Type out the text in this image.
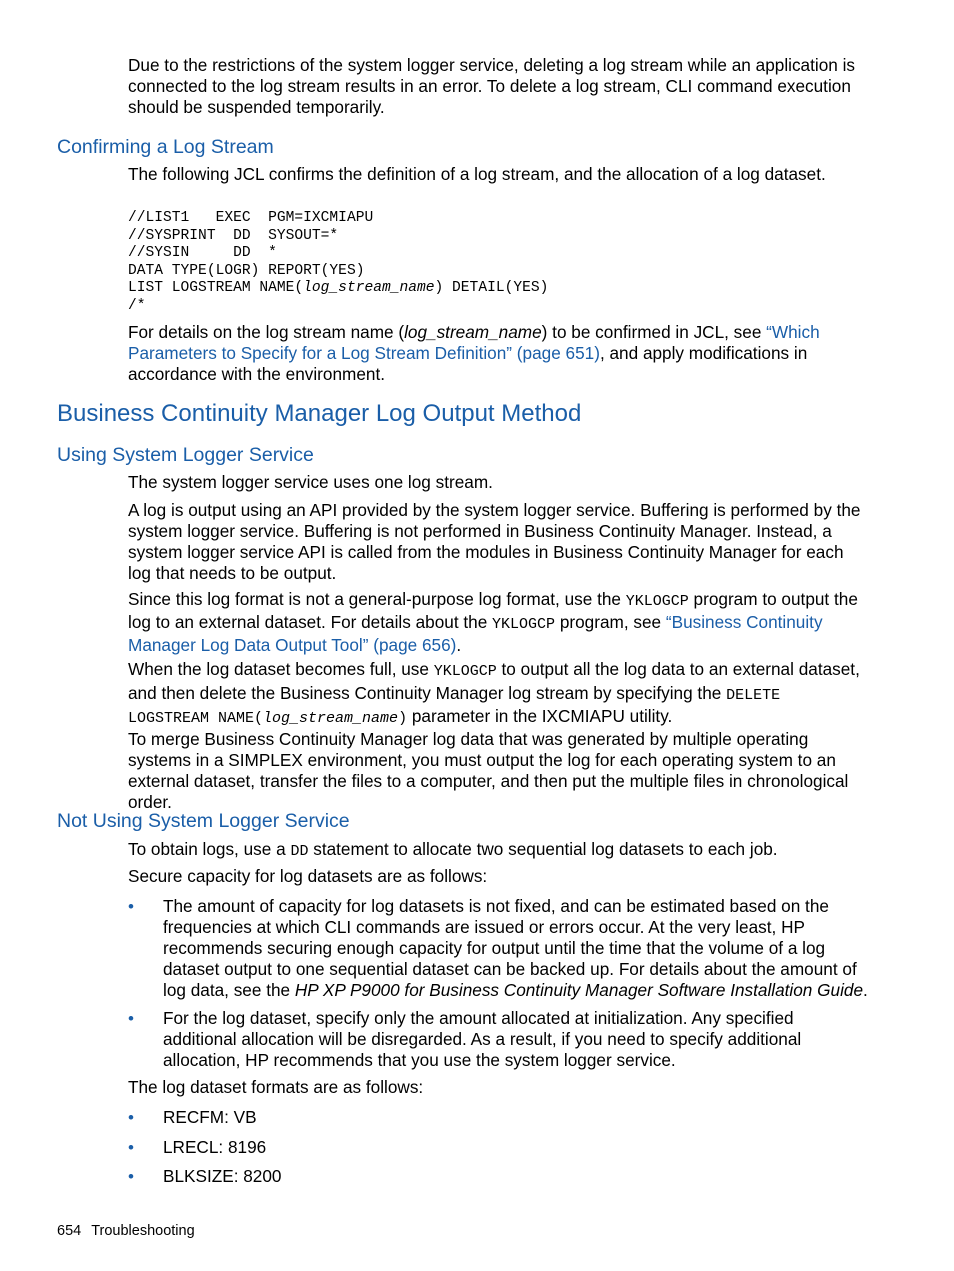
Due to the restrictions of the system logger service, deleting a log stream while an application is connected to the log stream results in an error. To delete a log stream, CLI command execution should be suspended temporarily.

Confirming a Log Stream

The following JCL confirms the definition of a log stream, and the allocation of a log dataset.

//LIST1   EXEC  PGM=IXCMIAPU
//SYSPRINT  DD  SYSOUT=*
//SYSIN     DD  *
DATA TYPE(LOGR) REPORT(YES)
LIST LOGSTREAM NAME(log_stream_name) DETAIL(YES)
/*

For details on the log stream name (log_stream_name) to be confirmed in JCL, see “Which Parameters to Specify for a Log Stream Definition” (page 651), and apply modifications in accordance with the environment.

Business Continuity Manager Log Output Method
Using System Logger Service

The system logger service uses one log stream.

A log is output using an API provided by the system logger service. Buffering is performed by the system logger service. Buffering is not performed in Business Continuity Manager. Instead, a system logger service API is called from the modules in Business Continuity Manager for each log that needs to be output.

Since this log format is not a general-purpose log format, use the YKLOGCP program to output the log to an external dataset. For details about the YKLOGCP program, see “Business Continuity Manager Log Data Output Tool” (page 656).

When the log dataset becomes full, use YKLOGCP to output all the log data to an external dataset, and then delete the Business Continuity Manager log stream by specifying the DELETE LOGSTREAM NAME(log_stream_name) parameter in the IXCMIAPU utility.

To merge Business Continuity Manager log data that was generated by multiple operating systems in a SIMPLEX environment, you must output the log for each operating system to an external dataset, transfer the files to a computer, and then put the multiple files in chronological order.

Not Using System Logger Service

To obtain logs, use a DD statement to allocate two sequential log datasets to each job.

Secure capacity for log datasets are as follows:

• The amount of capacity for log datasets is not fixed, and can be estimated based on the frequencies at which CLI commands are issued or errors occur. At the very least, HP recommends securing enough capacity for output until the time that the volume of a log dataset output to one sequential dataset can be backed up. For details about the amount of log data, see the HP XP P9000 for Business Continuity Manager Software Installation Guide.

• For the log dataset, specify only the amount allocated at initialization. Any specified additional allocation will be disregarded. As a result, if you need to specify additional allocation, HP recommends that you use the system logger service.

The log dataset formats are as follows:

• RECFM: VB

• LRECL: 8196

• BLKSIZE: 8200

654 Troubleshooting
